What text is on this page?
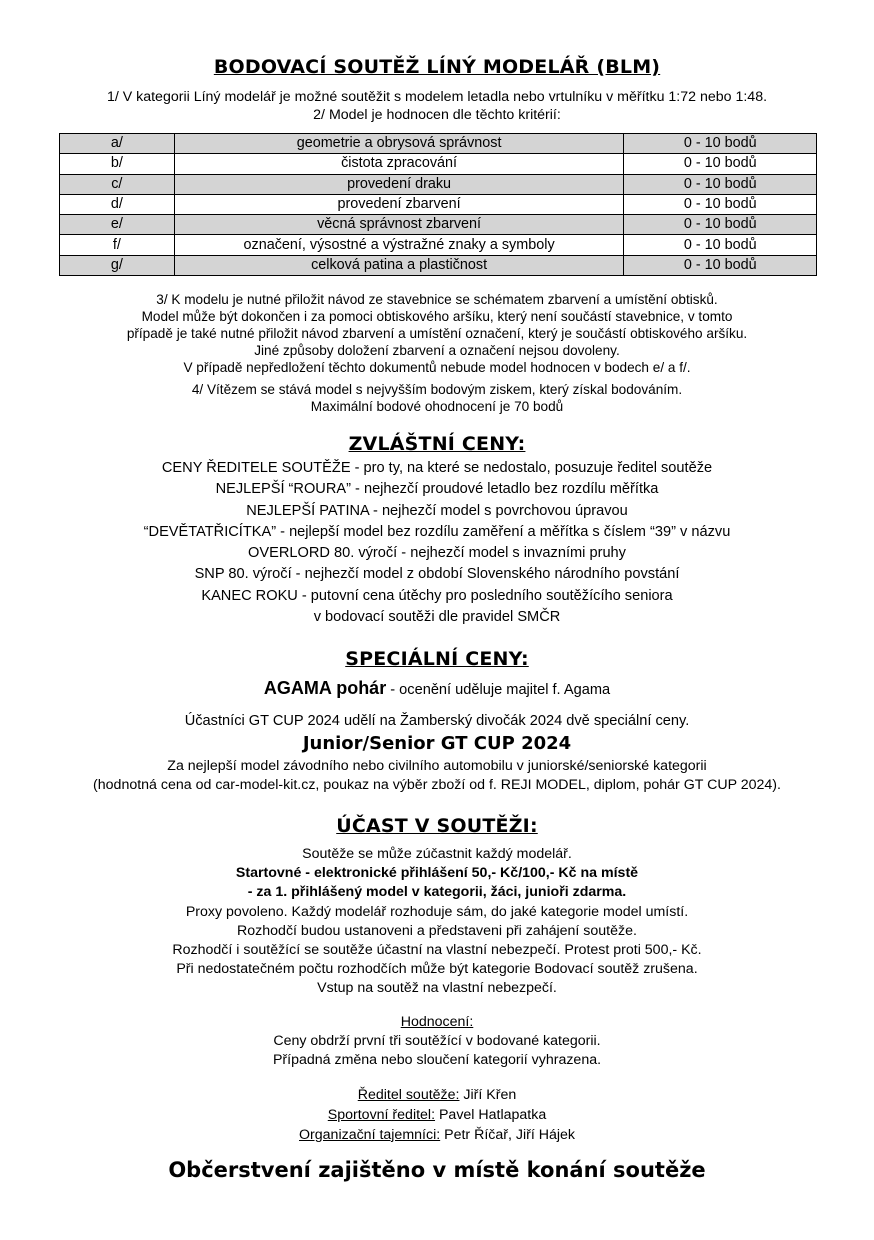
BODOVACÍ SOUTĚŽ LÍNÝ MODELÁŘ (BLM)

1/ V kategorii Líný modelář je možné soutěžit s modelem letadla nebo vrtulníku v měřítku 1:72 nebo 1:48.

2/ Model je hodnocen dle těchto kritérií:

a/	geometrie a obrysová správnost	0 - 10 bodů
b/	čistota zpracování	0 - 10 bodů
c/	provedení draku	0 - 10 bodů
d/	provedení zbarvení	0 - 10 bodů
e/	věcná správnost zbarvení	0 - 10 bodů
f/	označení, výsostné a výstražné znaky a symboly	0 - 10 bodů
g/	celková patina a plastičnost	0 - 10 bodů

3/ K modelu je nutné přiložit návod ze stavebnice se schématem zbarvení a umístění obtisků.

Model může být dokončen i za pomoci obtiskového aršíku, který není součástí stavebnice, v tomto

případě je také nutné přiložit návod zbarvení a umístění označení, který je součástí obtiskového aršíku.

Jiné způsoby doložení zbarvení a označení nejsou dovoleny.

V případě nepředložení těchto dokumentů nebude model hodnocen v bodech e/ a f/.

4/ Vítězem se stává model s nejvyšším bodovým ziskem, který získal bodováním.

Maximální bodové ohodnocení je 70 bodů

ZVLÁŠTNÍ CENY:

CENY ŘEDITELE SOUTĚŽE - pro ty, na které se nedostalo, posuzuje ředitel soutěže

NEJLEPŠÍ “ROURA” - nejhezčí proudové letadlo bez rozdílu měřítka

NEJLEPŠÍ PATINA - nejhezčí model s povrchovou úpravou

“DEVĚTATŘICÍTKA” - nejlepší model bez rozdílu zaměření a měřítka s číslem “39” v názvu

OVERLORD 80. výročí - nejhezčí model s invazními pruhy

SNP 80. výročí - nejhezčí model z období Slovenského národního povstání

KANEC ROKU - putovní cena útěchy pro posledního soutěžícího seniora

v bodovací soutěži dle pravidel SMČR

SPECIÁLNÍ CENY:

AGAMA pohár - ocenění uděluje majitel f. Agama

Účastníci GT CUP 2024 udělí na Žamberský divočák 2024 dvě speciální ceny.

Junior/Senior GT CUP 2024

Za nejlepší model závodního nebo civilního automobilu v juniorské/seniorské kategorii

(hodnotná cena od car-model-kit.cz, poukaz na výběr zboží od f. REJI MODEL, diplom, pohár GT CUP 2024).

ÚČAST V SOUTĚŽI:

Soutěže se může zúčastnit každý modelář.

Startovné - elektronické přihlášení 50,- Kč/100,- Kč na místě

- za 1. přihlášený model v kategorii, žáci, junioři zdarma.

Proxy povoleno. Každý modelář rozhoduje sám, do jaké kategorie model umístí.

Rozhodčí budou ustanoveni a představeni při zahájení soutěže.

Rozhodčí i soutěžící se soutěže účastní na vlastní nebezpečí. Protest proti 500,- Kč.

Při nedostatečném počtu rozhodčích může být kategorie Bodovací soutěž zrušena.

Vstup na soutěž na vlastní nebezpečí.

Hodnocení:

Ceny obdrží první tři soutěžící v bodované kategorii.

Případná změna nebo sloučení kategorií vyhrazena.

Ředitel soutěže: Jiří Křen

Sportovní ředitel: Pavel Hatlapatka

Organizační tajemníci: Petr Říčař, Jiří Hájek

Občerstvení zajištěno v místě konání soutěže
